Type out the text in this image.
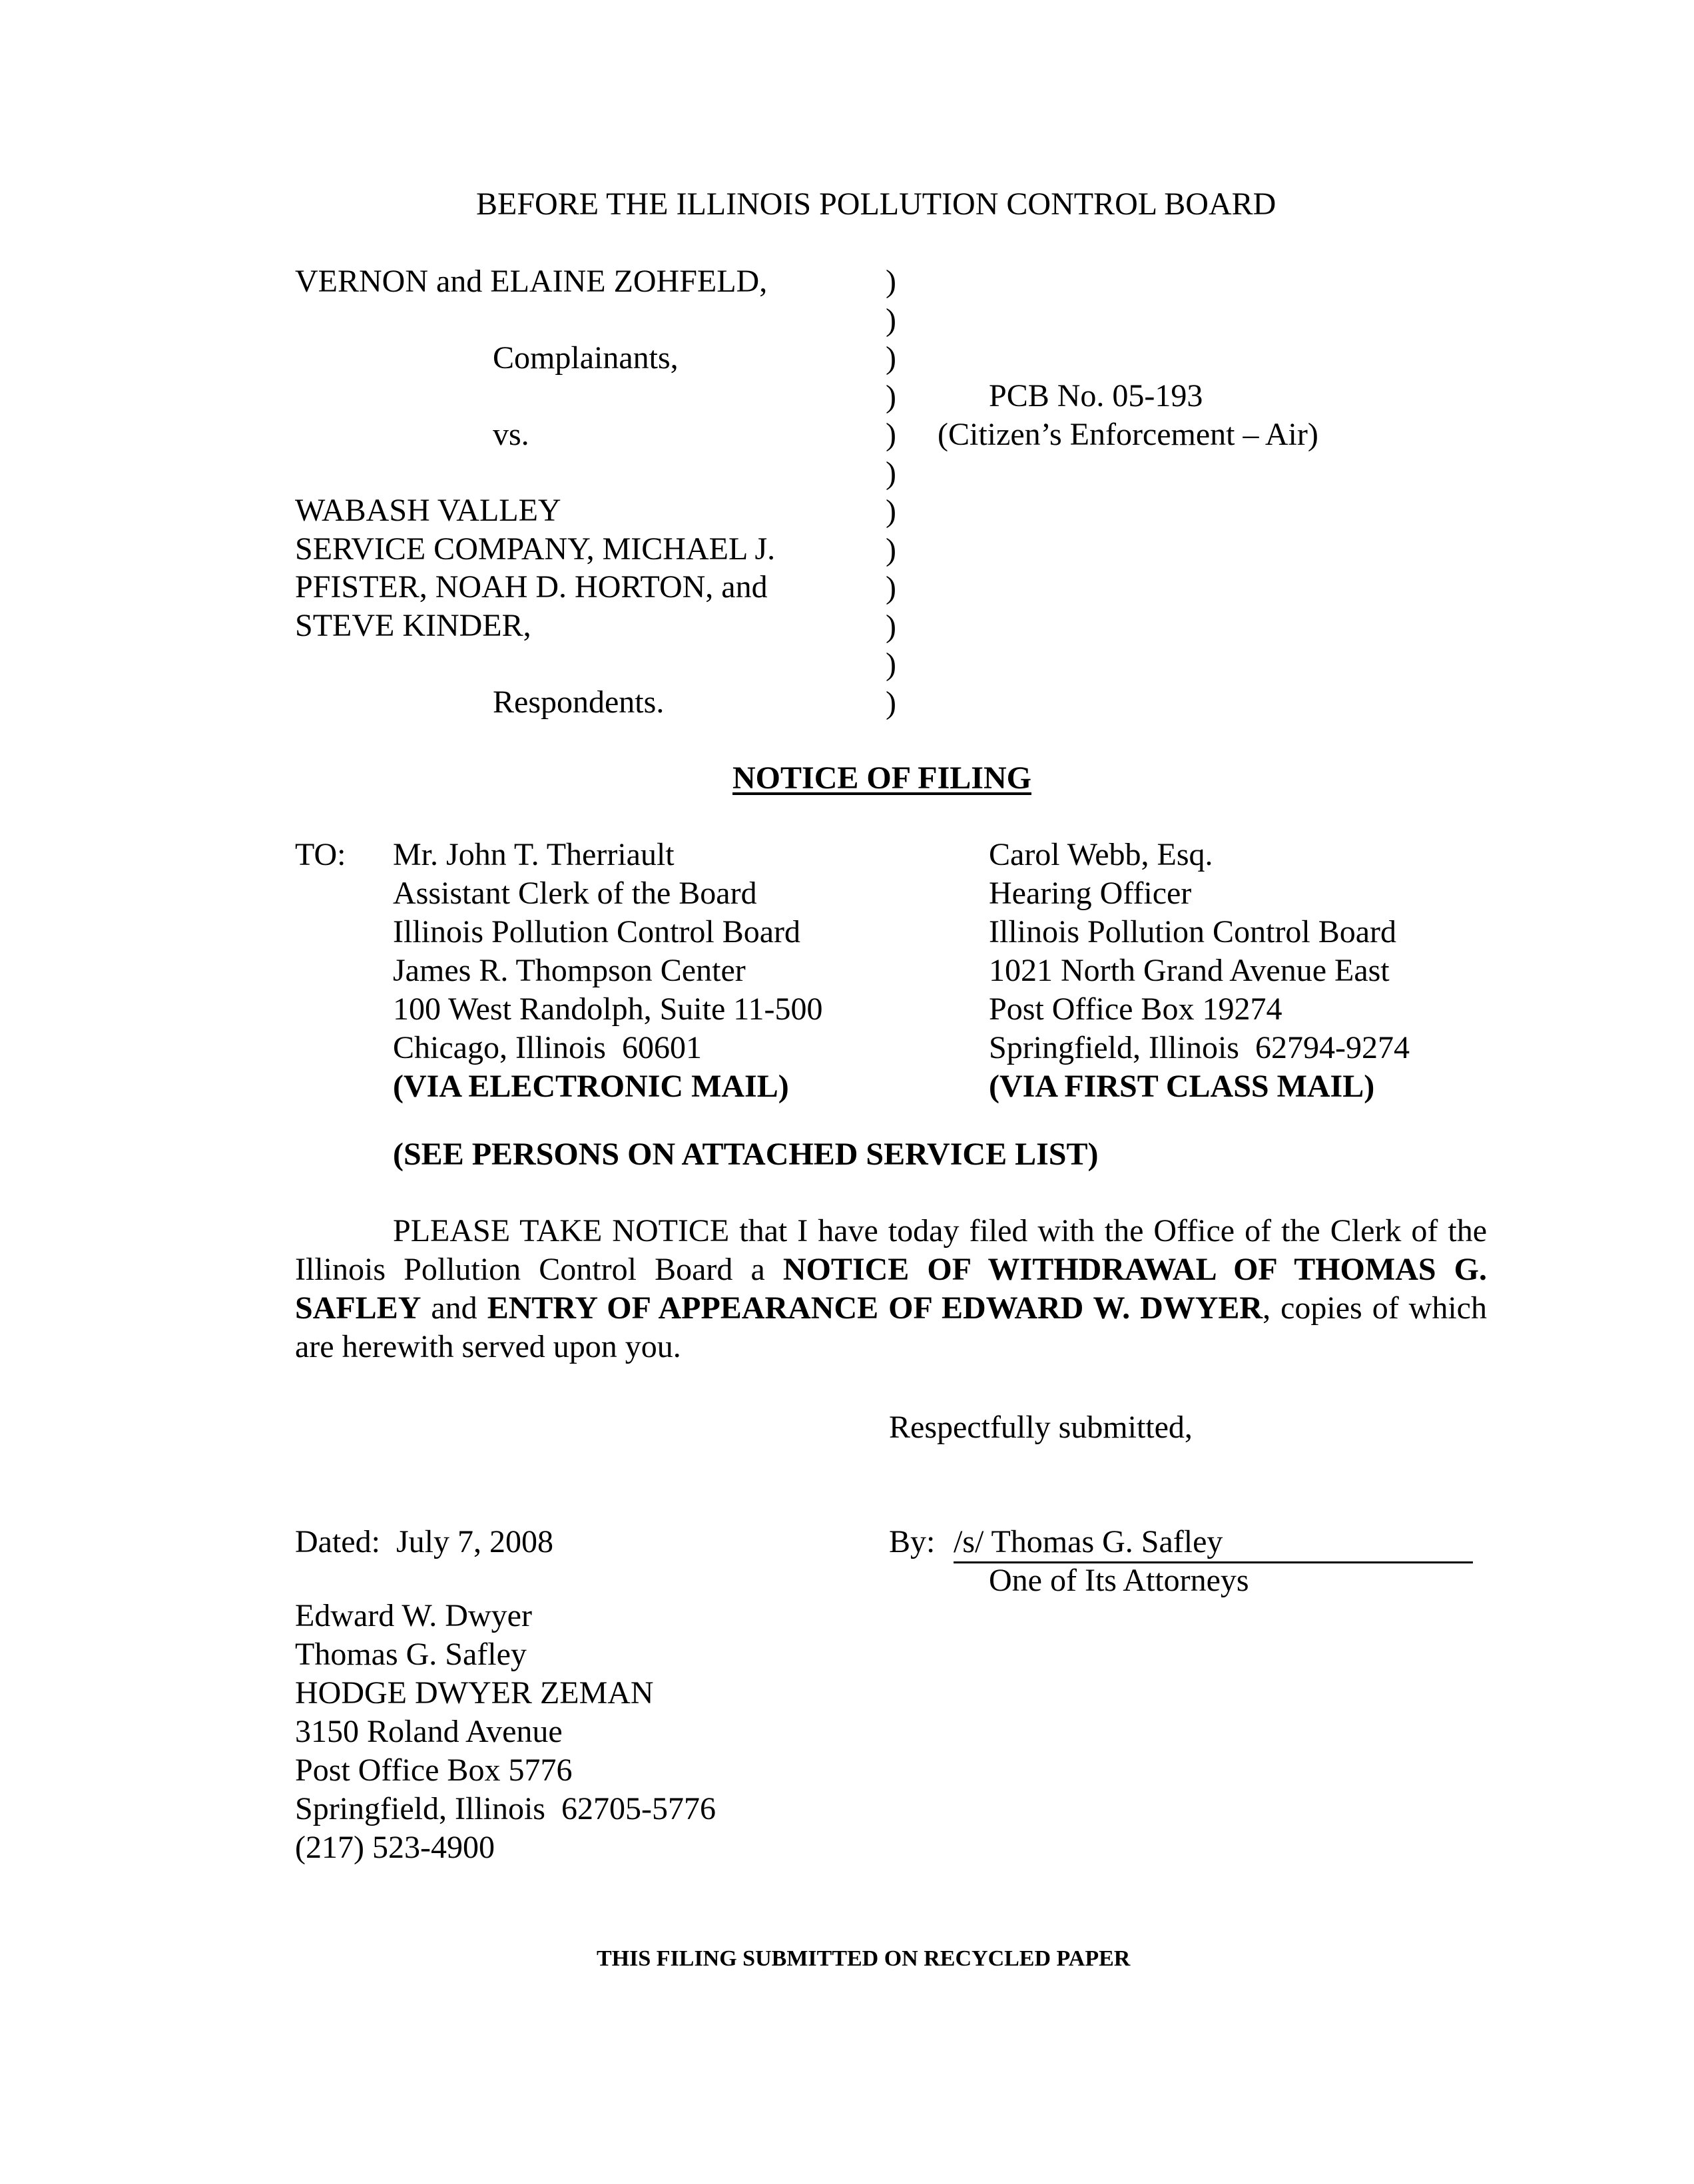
BEFORE THE ILLINOIS POLLUTION CONTROL BOARD
VERNON and ELAINE ZOHFELD,
Complainants,
vs.
WABASH VALLEY
SERVICE COMPANY, MICHAEL J.
PFISTER, NOAH D. HORTON, and
STEVE KINDER,
Respondents.
)
)
)
)
)
)
)
)
)
)
)
)
PCB No. 05-193
(Citizen’s Enforcement – Air)
NOTICE OF FILING
TO: Mr. John T. Therriault
Assistant Clerk of the Board
Illinois Pollution Control Board
James R. Thompson Center
100 West Randolph, Suite 11-500
Chicago, Illinois  60601
(VIA ELECTRONIC MAIL)
Carol Webb, Esq.
Hearing Officer
Illinois Pollution Control Board
1021 North Grand Avenue East
Post Office Box 19274
Springfield, Illinois  62794-9274
(VIA FIRST CLASS MAIL)
(SEE PERSONS ON ATTACHED SERVICE LIST)

PLEASE TAKE NOTICE that I have today filed with the Office of the Clerk of the Illinois Pollution Control Board a NOTICE OF WITHDRAWAL OF THOMAS G. SAFLEY and ENTRY OF APPEARANCE OF EDWARD W. DWYER, copies of which are herewith served upon you.

Respectfully submitted,
Dated:  July 7, 2008	By: /s/ Thomas G. Safley
One of Its Attorneys
Edward W. Dwyer
Thomas G. Safley
HODGE DWYER ZEMAN
3150 Roland Avenue
Post Office Box 5776
Springfield, Illinois  62705-5776
(217) 523-4900
THIS FILING SUBMITTED ON RECYCLED PAPER
